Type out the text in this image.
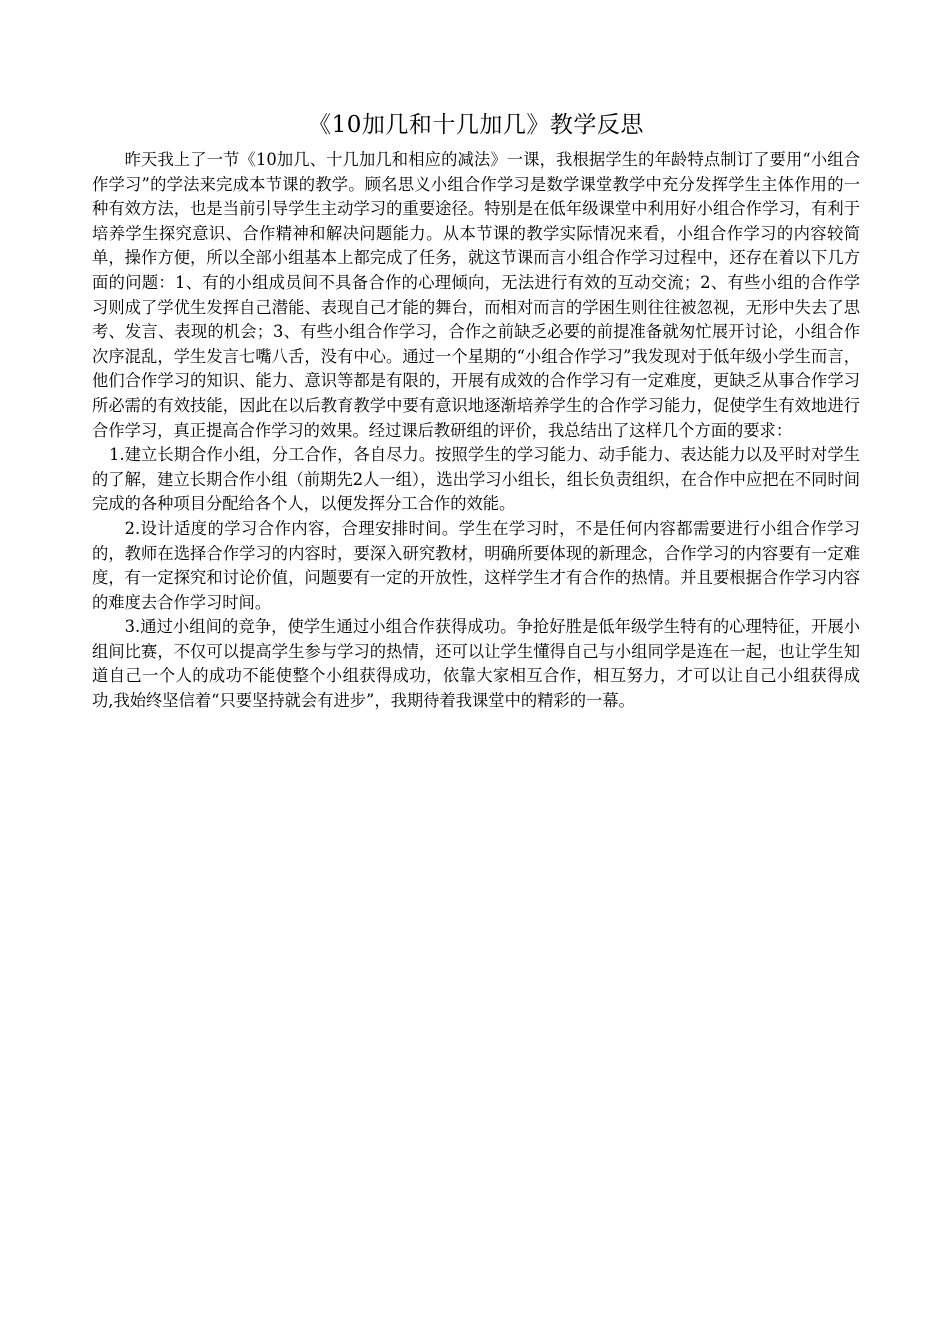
《10加几和十几加几》教学反思

昨天我上了一节《10加几、十几加几和相应的减法》一课，我根据学生的年龄特点制订了要用“小组合作学习”的学法来完成本节课的教学。顾名思义小组合作学习是数学课堂教学中充分发挥学生主体作用的一种有效方法，也是当前引导学生主动学习的重要途径。特别是在低年级课堂中利用好小组合作学习，有利于培养学生探究意识、合作精神和解决问题能力。从本节课的教学实际情况来看，小组合作学习的内容较简单，操作方便，所以全部小组基本上都完成了任务，就这节课而言小组合作学习过程中，还存在着以下几方面的问题：1、有的小组成员间不具备合作的心理倾向，无法进行有效的互动交流；2、有些小组的合作学习则成了学优生发挥自己潜能、表现自己才能的舞台，而相对而言的学困生则往往被忽视，无形中失去了思考、发言、表现的机会；3、有些小组合作学习，合作之前缺乏必要的前提准备就匆忙展开讨论，小组合作次序混乱，学生发言七嘴八舌，没有中心。通过一个星期的“小组合作学习”我发现对于低年级小学生而言，他们合作学习的知识、能力、意识等都是有限的，开展有成效的合作学习有一定难度，更缺乏从事合作学习所必需的有效技能，因此在以后教育教学中要有意识地逐渐培养学生的合作学习能力，促使学生有效地进行合作学习，真正提高合作学习的效果。经过课后教研组的评价，我总结出了这样几个方面的要求：

1.建立长期合作小组，分工合作，各自尽力。按照学生的学习能力、动手能力、表达能力以及平时对学生的了解，建立长期合作小组（前期先2人一组），选出学习小组长，组长负责组织，在合作中应把在不同时间完成的各种项目分配给各个人，以便发挥分工合作的效能。

2.设计适度的学习合作内容，合理安排时间。学生在学习时，不是任何内容都需要进行小组合作学习的，教师在选择合作学习的内容时，要深入研究教材，明确所要体现的新理念，合作学习的内容要有一定难度，有一定探究和讨论价值，问题要有一定的开放性，这样学生才有合作的热情。并且要根据合作学习内容的难度去合作学习时间。

3.通过小组间的竞争，使学生通过小组合作获得成功。争抢好胜是低年级学生特有的心理特征，开展小组间比赛，不仅可以提高学生参与学习的热情，还可以让学生懂得自己与小组同学是连在一起，也让学生知道自己一个人的成功不能使整个小组获得成功，依靠大家相互合作，相互努力，才可以让自己小组获得成功,我始终坚信着“只要坚持就会有进步”，我期待着我课堂中的精彩的一幕。
